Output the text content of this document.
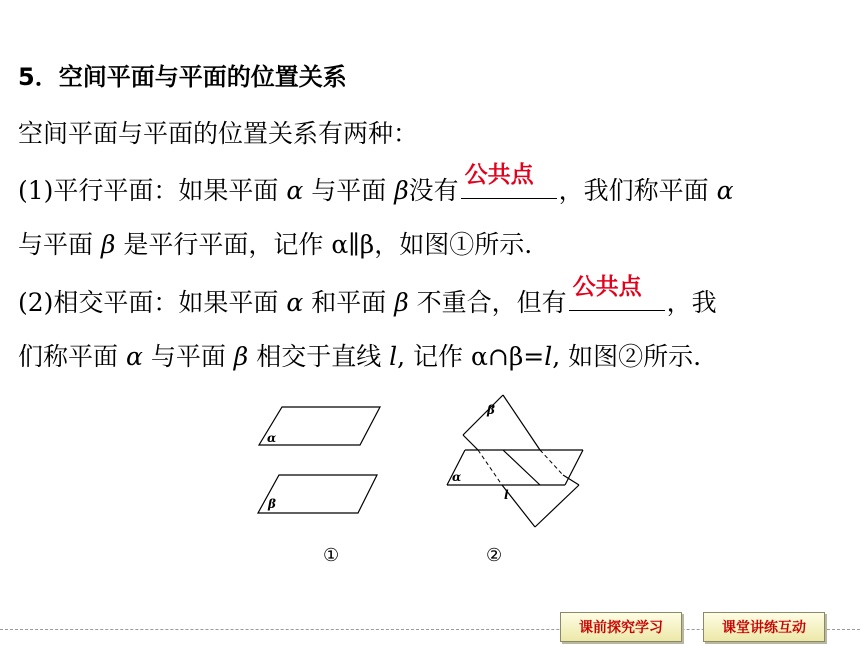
5．空间平面与平面的位置关系
空间平面与平面的位置关系有两种：
(1)平行平面：如果平面 α 与平面 β没有
公共点
，我们称平面 α
与平面 β 是平行平面，记作 α∥β，如图①所示.
(2)相交平面：如果平面 α 和平面 β 不重合，但有
公共点
，我
们称平面 α 与平面 β 相交于直线 l, 记作 α∩β=l, 如图②所示.
α
β
①
β
α
l
②
课前探究学习	课堂讲练互动
